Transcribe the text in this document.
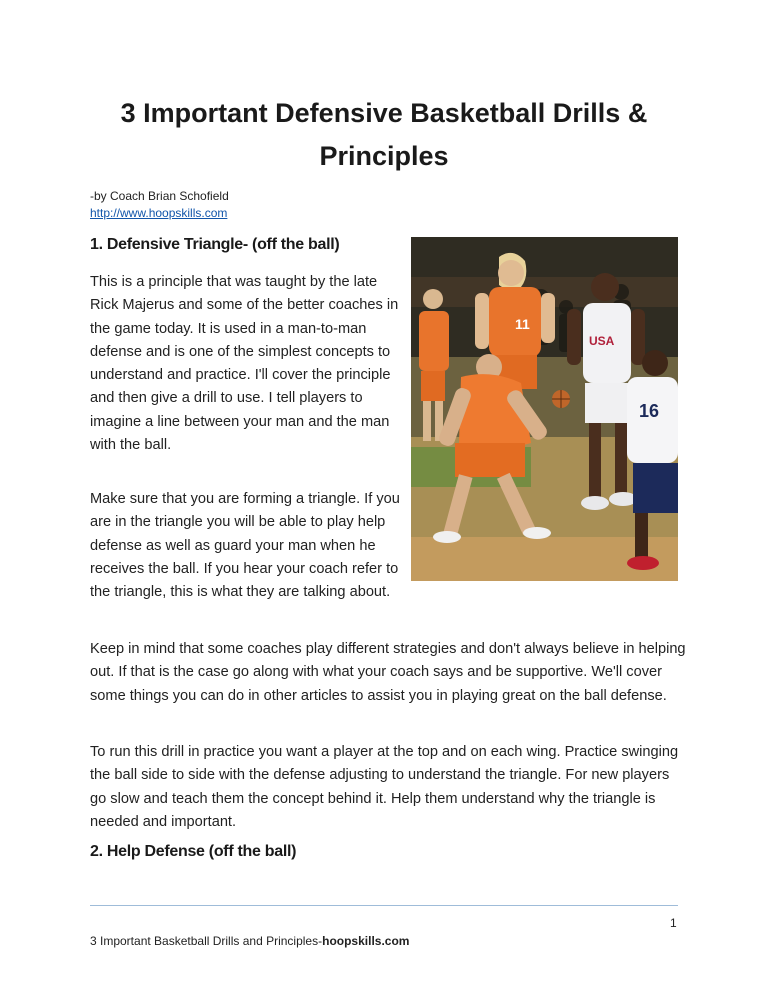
3 Important Defensive Basketball Drills & Principles
-by Coach Brian Schofield
http://www.hoopskills.com
1. Defensive Triangle- (off the ball)

This is a principle that was taught by the late Rick Majerus and some of the better coaches in the game today. It is used in a man-to-man defense and is one of the simplest concepts to understand and practice. I'll cover the principle and then give a drill to use. I tell players to imagine a line between your man and the man with the ball.

Make sure that you are forming a triangle. If you are in the triangle you will be able to play help defense as well as guard your man when he receives the ball. If you hear your coach refer to the triangle, this is what they are talking about.

11
USA
16

Keep in mind that some coaches play different strategies and don't always believe in helping out. If that is the case go along with what your coach says and be supportive. We'll cover some things you can do in other articles to assist you in playing great on the ball defense.

To run this drill in practice you want a player at the top and on each wing. Practice swinging the ball side to side with the defense adjusting to understand the triangle. For new players go slow and teach them the concept behind it. Help them understand why the triangle is needed and important.

2. Help Defense (off the ball)
1
3 Important Basketball Drills and Principles-hoopskills.com
